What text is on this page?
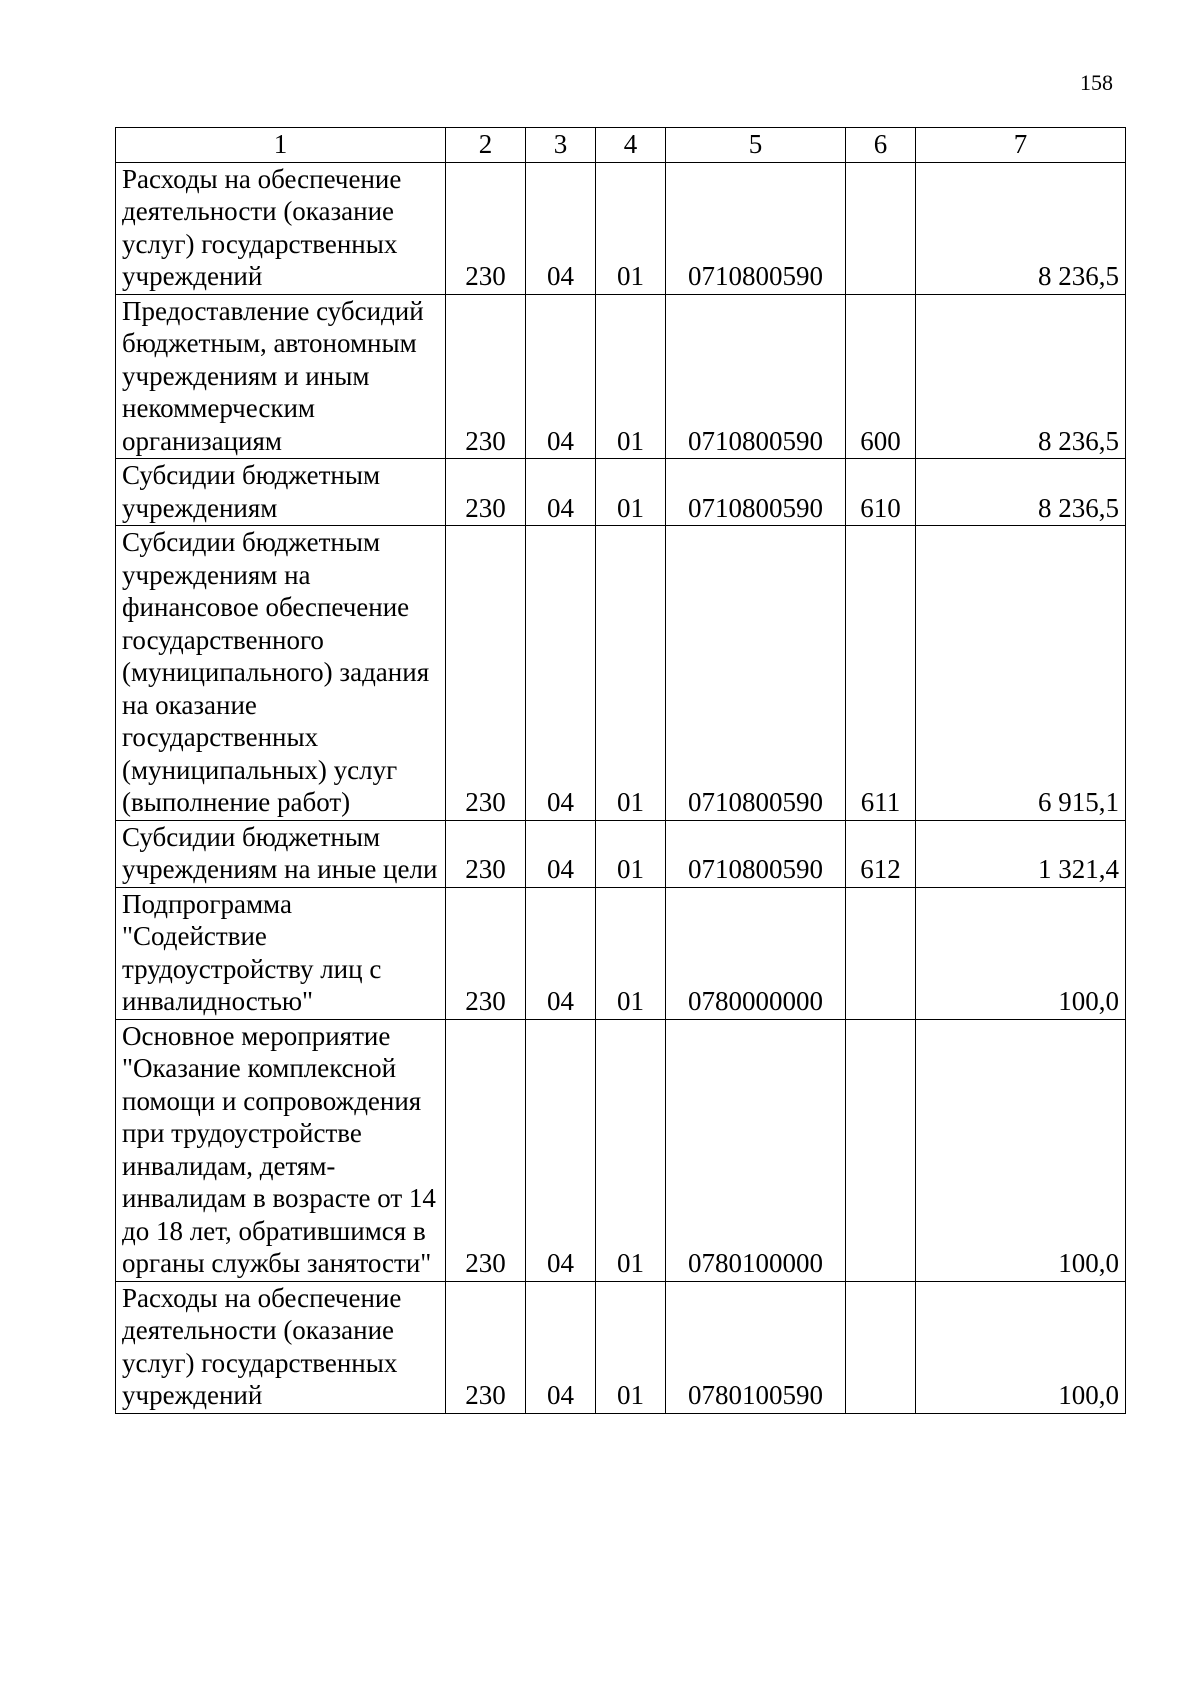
158
1	2	3	4	5	6	7
Расходы на обеспечение деятельности (оказание услуг) государственных учреждений	230	04	01	0710800590		8 236,5
Предоставление субсидий бюджетным, автономным учреждениям и иным некоммерческим организациям	230	04	01	0710800590	600	8 236,5
Субсидии бюджетным учреждениям	230	04	01	0710800590	610	8 236,5
Субсидии бюджетным учреждениям на финансовое обеспечение государственного (муниципального) задания на оказание государственных (муниципальных) услуг (выполнение работ)	230	04	01	0710800590	611	6 915,1
Субсидии бюджетным учреждениям на иные цели	230	04	01	0710800590	612	1 321,4
Подпрограмма "Содействие трудоустройству лиц с инвалидностью"	230	04	01	0780000000		100,0
Основное мероприятие "Оказание комплексной помощи и сопровождения при трудоустройстве инвалидам, детям-инвалидам в возрасте от 14 до 18 лет, обратившимся в органы службы занятости"	230	04	01	0780100000		100,0
Расходы на обеспечение деятельности (оказание услуг) государственных учреждений	230	04	01	0780100590		100,0
